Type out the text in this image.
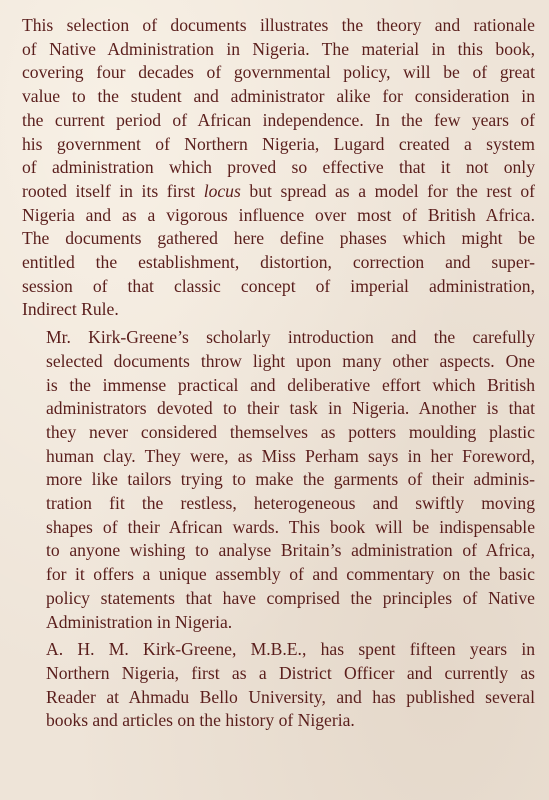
This selection of documents illustrates the theory and rationale
of Native Administration in Nigeria. The material in this book,
covering four decades of governmental policy, will be of great
value to the student and administrator alike for consideration in
the current period of African independence. In the few years of
his government of Northern Nigeria, Lugard created a system
of administration which proved so effective that it not only
rooted itself in its first locus but spread as a model for the rest of
Nigeria and as a vigorous influence over most of British Africa.
The documents gathered here define phases which might be
entitled the establishment, distortion, correction and super-
session of that classic concept of imperial administration,
Indirect Rule.

Mr. Kirk-Greene’s scholarly introduction and the carefully
selected documents throw light upon many other aspects. One
is the immense practical and deliberative effort which British
administrators devoted to their task in Nigeria. Another is that
they never considered themselves as potters moulding plastic
human clay. They were, as Miss Perham says in her Foreword,
more like tailors trying to make the garments of their adminis-
tration fit the restless, heterogeneous and swiftly moving
shapes of their African wards. This book will be indispensable
to anyone wishing to analyse Britain’s administration of Africa,
for it offers a unique assembly of and commentary on the basic
policy statements that have comprised the principles of Native
Administration in Nigeria.

A. H. M. Kirk-Greene, M.B.E., has spent fifteen years in
Northern Nigeria, first as a District Officer and currently as
Reader at Ahmadu Bello University, and has published several
books and articles on the history of Nigeria.
